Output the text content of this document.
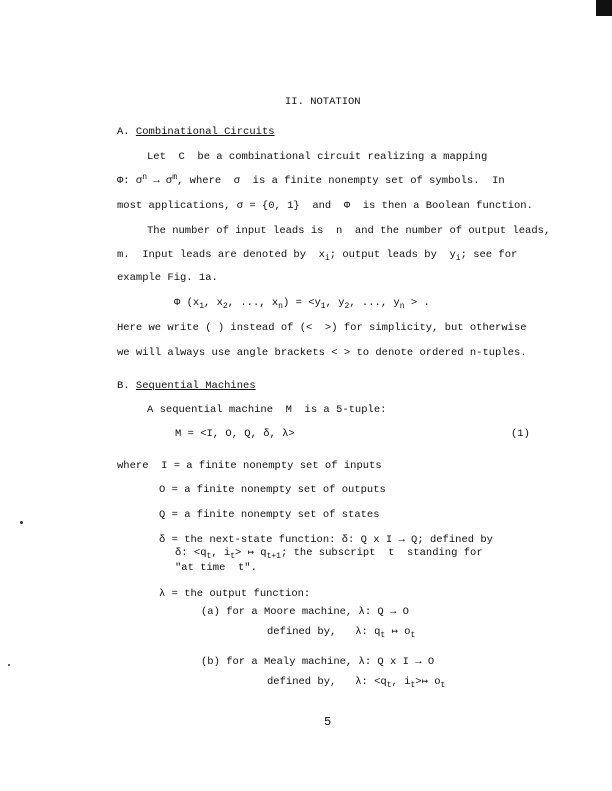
II. NOTATION
A. Combinational Circuits
Let  C  be a combinational circuit realizing a mapping
Φ: $\sigma^n \to \sigma^m$, where  σ  is a finite nonempty set of symbols.  In
most applications, σ = {0, 1}  and  Φ  is then a Boolean function.
The number of input leads is  n  and the number of output leads,
m.  Input leads are denoted by  $x_i$; output leads by  $y_i$; see for
example Fig. 1a.
Φ ($x_1$, $x_2$, ..., $x_n) = <y_1$, $y_2$, ..., $y_n$ > .
Here we write ( ) instead of (<  >) for simplicity, but otherwise
we will always use angle brackets < > to denote ordered n-tuples.
B. Sequential Machines
A sequential machine  M  is a 5-tuple:
M = <I, O, Q, δ, λ>	(1)
where  I = a finite nonempty set of inputs
O = a finite nonempty set of outputs
Q = a finite nonempty set of states
δ = the next-state function: δ: Q x I → Q; defined by
δ: $<q_t$, $i_t>$ ↦ $q_{t+1}$; the subscript  t  standing for
"at time  t".
λ = the output function:
(a) for a Moore machine, λ: Q → O
defined by,   λ: $q_t$ ↦ $o_t$
(b) for a Mealy machine, λ: Q x I → O
defined by,   λ: $<q_t$, $i_t>↦$ $o_t$
5
